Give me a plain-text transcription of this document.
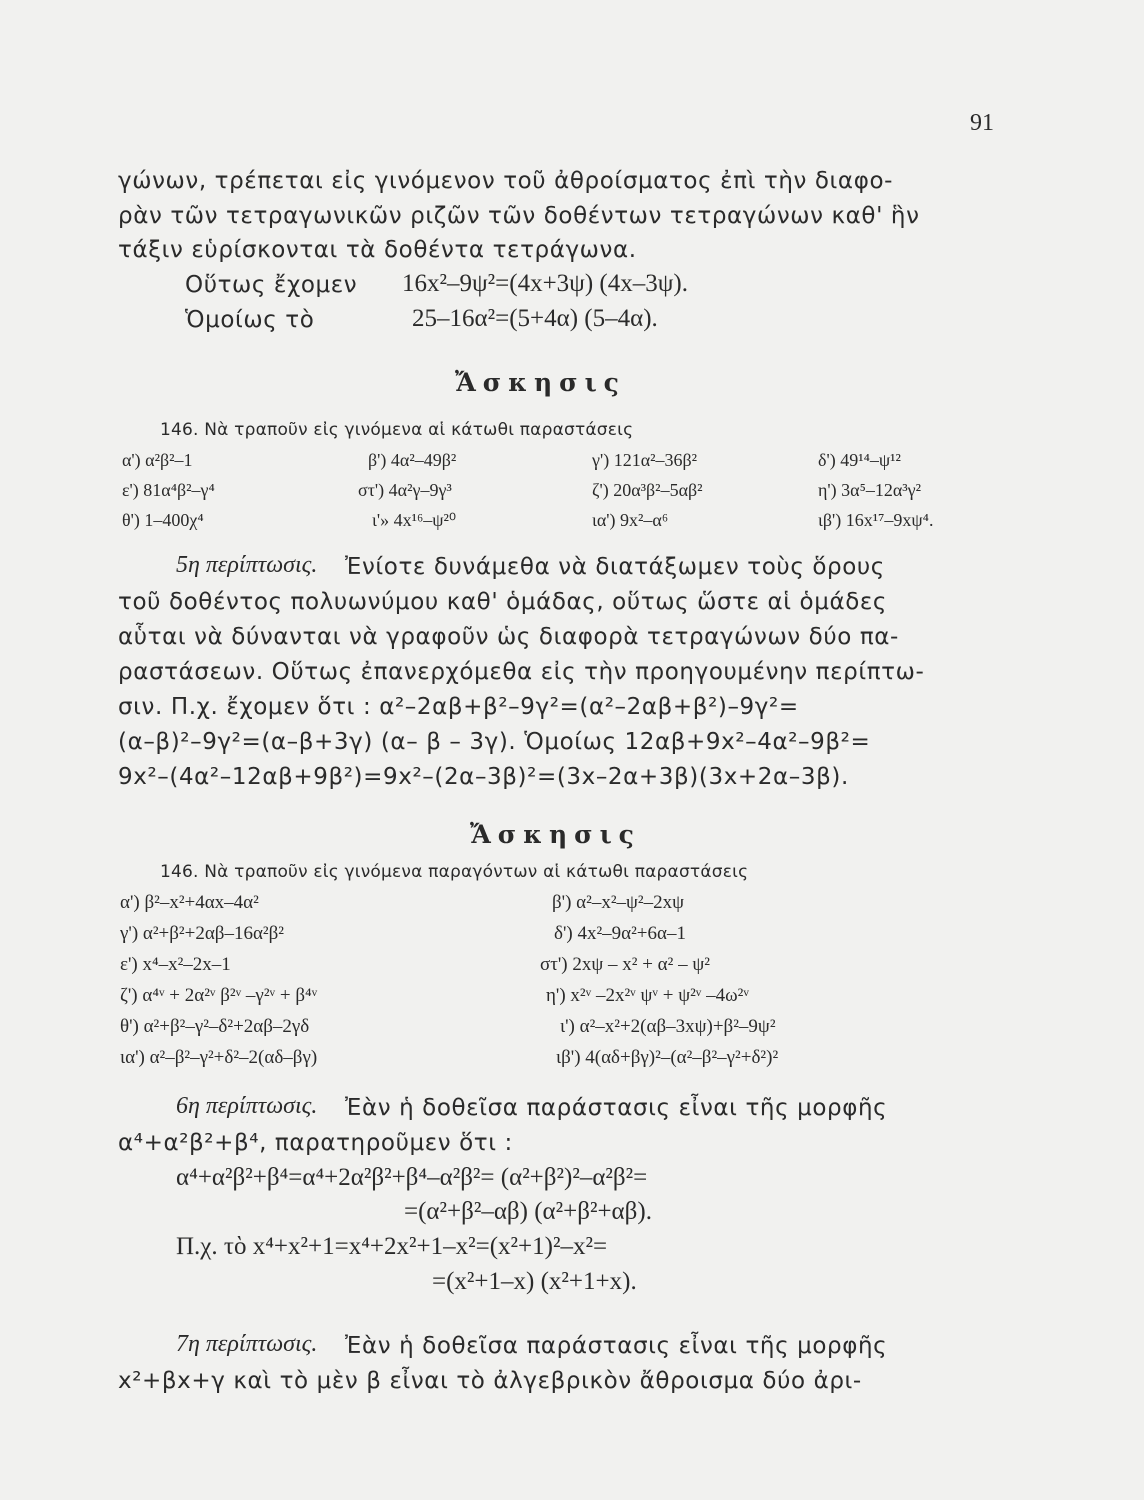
91
γώνων, τρέπεται εἰς γινόμενον τοῦ ἀθροίσματος ἐπὶ τὴν διαφο-
ρὰν τῶν τετραγωνικῶν ριζῶν τῶν δοθέντων τετραγώνων καθ' ἣν
τάξιν εὑρίσκονται τὰ δοθέντα τετράγωνα.
Οὕτως ἔχομεν 16x²–9ψ²=(4x+3ψ) (4x–3ψ).
Ὁμοίως τὸ	25–16α²=(5+4α) (5–4α).
Ἄσκησις
146. Νὰ τραποῦν εἰς γινόμενα αἱ κάτωθι παραστάσεις
α') α²β²–1	β') 4α²–49β²	γ') 121α²–36β²	δ') 49¹⁴–ψ¹²
ε') 81α⁴β²–γ⁴	στ') 4α²γ–9γ³	ζ') 20α³β²–5αβ²	η') 3α⁵–12α³γ²
θ') 1–400χ⁴	ι'» 4x¹⁶–ψ²⁰	ια') 9x²–α⁶	ιβ') 16x¹⁷–9xψ⁴.
5η περίπτωσις. Ἐνίοτε δυνάμεθα νὰ διατάξωμεν τοὺς ὅρους
τοῦ δοθέντος πολυωνύμου καθ' ὁμάδας, οὕτως ὥστε αἱ ὁμάδες
αὗται νὰ δύνανται νὰ γραφοῦν ὡς διαφορὰ τετραγώνων δύο πα-
ραστάσεων. Οὕτως ἐπανερχόμεθα εἰς τὴν προηγουμένην περίπτω-
σιν. Π.χ. ἔχομεν ὅτι : α²–2αβ+β²–9γ²=(α²–2αβ+β²)–9γ²=
(α–β)²–9γ²=(α–β+3γ) (α– β – 3γ). Ὁμοίως 12αβ+9x²–4α²–9β²=
9x²–(4α²–12αβ+9β²)=9x²–(2α–3β)²=(3x–2α+3β)(3x+2α–3β).
Ἄσκησις
146. Νὰ τραποῦν εἰς γινόμενα παραγόντων αἱ κάτωθι παραστάσεις
α') β²–x²+4αx–4α²	β') α²–x²–ψ²–2xψ
γ') α²+β²+2αβ–16α²β²	δ') 4x²–9α²+6α–1
ε') x⁴–x²–2x–1	στ') 2xψ – x² + α² – ψ²
ζ') α⁴ᵛ + 2α²ᵛ β²ᵛ –γ²ᵛ + β⁴ᵛ	η') x²ᵛ –2x²ᵛ ψᵛ + ψ²ᵛ –4ω²ᵛ
θ') α²+β²–γ²–δ²+2αβ–2γδ	ι') α²–x²+2(αβ–3xψ)+β²–9ψ²
ια') α²–β²–γ²+δ²–2(αδ–βγ)	ιβ') 4(αδ+βγ)²–(α²–β²–γ²+δ²)²
6η περίπτωσις. Ἐὰν ἡ δοθεῖσα παράστασις εἶναι τῆς μορφῆς
α⁴+α²β²+β⁴, παρατηροῦμεν ὅτι :
α⁴+α²β²+β⁴=α⁴+2α²β²+β⁴–α²β²= (α²+β²)²–α²β²=
=(α²+β²–αβ) (α²+β²+αβ).
Π.χ. τὸ x⁴+x²+1=x⁴+2x²+1–x²=(x²+1)²–x²=
=(x²+1–x) (x²+1+x).
7η περίπτωσις. Ἐὰν ἡ δοθεῖσα παράστασις εἶναι τῆς μορφῆς
x²+βx+γ καὶ τὸ μὲν β εἶναι τὸ ἀλγεβρικὸν ἄθροισμα δύο ἀρι-
